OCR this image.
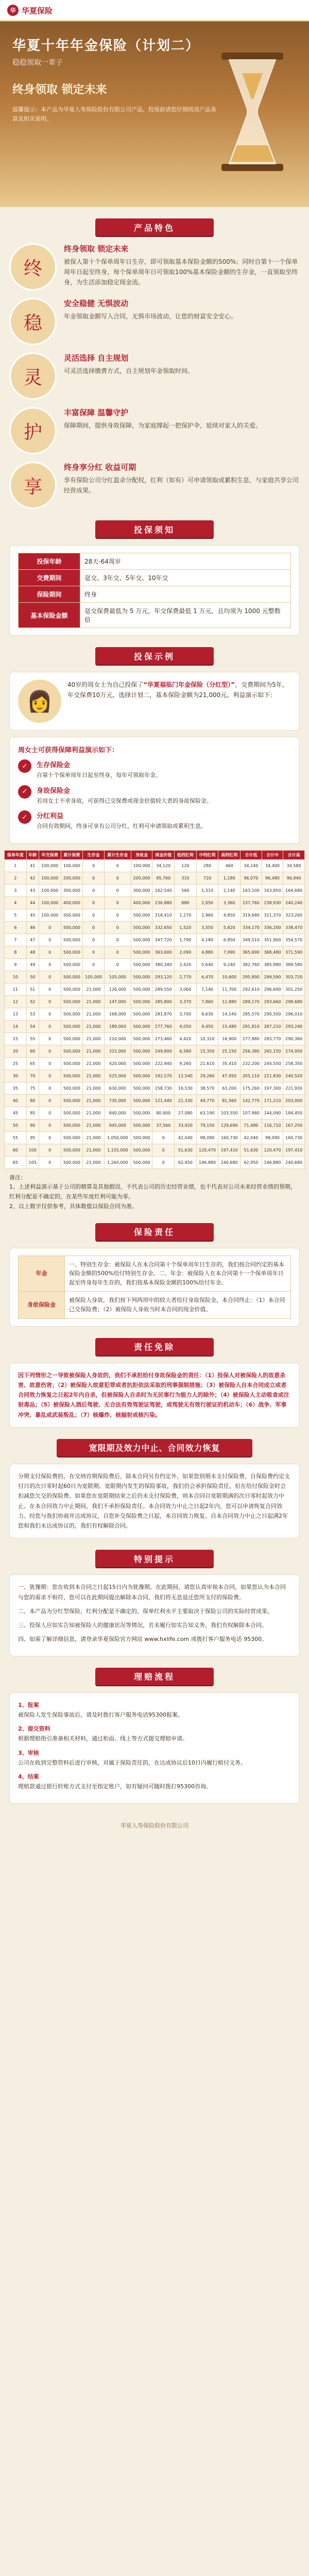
华 华夏保险
华夏十年年金保险（计划二）
稳稳领取一辈子
终身领取 锁定未来
温馨提示：本产品为华夏人寿保险股份有限公司产品，投保前请您仔细阅读产品条款及相关说明。
产品特色
终
终身领取 锁定未来

被保人第十个保单周年日生存，即可领取基本保险金额的500%；同时自第十一个保单周年日起至终身，每个保单周年日可领取100%基本保险金额的生存金，一直领取至终身，为生活添加稳定现金流。

稳
安全稳健 无惧波动

年金领取金额写入合同，无惧市场波动，让您的财富安全安心。

灵
灵活选择 自主规划

可灵活选择缴费方式，自主规划年金领取时间。

护
丰富保障 温馨守护

保障期间，提供身故保障，为家庭撑起一把保护伞，延续对家人的关爱。

享
终身享分红 收益可期

享有保险公司分红盈余分配权，红利（如有）可申请领取或累积生息，与家庭共享公司经营成果。

投保须知
投保年龄	28天-64周岁
交费期间	趸交、3年交、5年交、10年交
保险期间	终身
基本保险金额	趸交保费最低为 5 万元，年交保费最低 1 万元，且均须为 1000 元整数倍
投保示例
👩

40岁的周女士为自己投保了“华夏福临门年金保险（分红型）”，交费期间为5年，年交保费10万元，选择计划二，基本保险金额为21,000元。利益演示如下：

周女士可获得保障利益演示如下：
✓	生存保险金

自第十个保单周年日起至终身，每年可领取年金。

✓	身故保险金

若周女士不幸身故，可获得已交保费或现金价值较大者的身故保险金。

✓	分红利益

合同有效期间，终身可享有公司分红，红利可申请领取或累积生息。

保单年度	年龄	年交保费	累计保费	生存金	累计生存金	身故金	现金价值	低档红利	中档红利	高档红利	合计低	合计中	合计高
1	41	100,000	100,000	0	0	100,000	34,120	120	280	460	34,240	34,400	34,580
2	42	100,000	200,000	0	0	200,000	95,760	310	720	1,180	96,070	96,480	96,940
3	43	100,000	300,000	0	0	300,000	162,540	560	1,310	2,140	163,100	163,850	164,680
4	44	100,000	400,000	0	0	400,000	236,880	880	2,050	3,360	237,760	238,930	240,240
5	45	100,000	500,000	0	0	500,000	318,410	1,270	2,960	4,850	319,680	321,370	323,260
6	46	0	500,000	0	0	500,000	332,650	1,520	3,550	5,820	334,170	336,200	338,470
7	47	0	500,000	0	0	500,000	347,720	1,790	4,180	6,850	349,510	351,900	354,570
8	48	0	500,000	0	0	500,000	363,600	2,090	4,880	7,990	365,690	368,480	371,590
9	49	0	500,000	0	0	500,000	380,340	2,420	5,640	9,240	382,760	385,980	389,580
10	50	0	500,000	105,000	105,000	500,000	293,120	2,770	6,470	10,600	295,890	299,590	303,720
11	51	0	500,000	21,000	126,000	500,000	289,550	3,060	7,140	11,700	292,610	296,690	301,250
12	52	0	500,000	21,000	147,000	500,000	285,800	3,370	7,860	12,880	289,170	293,660	298,680
13	53	0	500,000	21,000	168,000	500,000	281,870	3,700	8,630	14,140	285,570	290,500	296,010
14	54	0	500,000	21,000	189,000	500,000	277,760	4,050	9,450	15,480	281,810	287,210	293,240
15	55	0	500,000	21,000	210,000	500,000	273,460	4,420	10,310	16,900	277,880	283,770	290,360
20	60	0	500,000	21,000	315,000	500,000	249,800	6,580	15,350	25,150	256,380	265,150	274,950
25	65	0	500,000	21,000	420,000	500,000	222,940	9,260	21,610	35,410	232,200	244,550	258,350
30	70	0	500,000	21,000	525,000	500,000	192,570	12,540	29,260	47,950	205,110	221,830	240,520
35	75	0	500,000	21,000	630,000	500,000	158,730	16,530	38,570	63,200	175,260	197,300	221,930
40	80	0	500,000	21,000	735,000	500,000	121,440	21,330	49,770	81,560	142,770	171,210	203,000
45	85	0	500,000	21,000	840,000	500,000	80,900	27,080	63,190	103,550	107,980	144,090	184,450
50	90	0	500,000	21,000	945,000	500,000	37,560	33,920	79,150	129,690	71,480	116,710	167,250
55	95	0	500,000	21,000	1,050,000	500,000	0	42,040	98,090	160,730	42,040	98,090	160,730
60	100	0	500,000	21,000	1,155,000	500,000	0	51,630	120,470	197,410	51,630	120,470	197,410
65	105	0	500,000	21,000	1,260,000	500,000	0	62,950	146,880	240,680	62,950	146,880	240,680

备注：

1、上述利益演示基于公司的精算及其他假设，不代表公司的历史经营业绩，也不代表对公司未来经营业绩的预期，红利分配是不确定的，在某些年度红利可能为零。

2、以上数字仅供参考，具体数值以保险合同为准。

保险责任
年金	一、特别生存金：被保险人在本合同第十个保单周年日生存的，我们按合同约定的基本保险金额的500%给付特别生存金。二、年金：被保险人在本合同第十一个保单周年日起至终身每年生存的，我们按基本保险金额的100%给付年金。
身故保险金	被保险人身故，我们按下列两项中的较大者给付身故保险金，本合同终止：（1）本合同已交保险费；（2）被保险人身故当时本合同的现金价值。
责任免除

因下列情形之一导致被保险人身故的，我们不承担给付身故保险金的责任：（1）投保人对被保险人的故意杀害、故意伤害；（2）被保险人故意犯罪或者抗拒依法采取的刑事强制措施；（3）被保险人自本合同成立或者合同效力恢复之日起2年内自杀，但被保险人自杀时为无民事行为能力人的除外；（4）被保险人主动吸食或注射毒品；（5）被保险人酒后驾驶、无合法有效驾驶证驾驶，或驾驶无有效行驶证的机动车；（6）战争、军事冲突、暴乱或武装叛乱；（7）核爆炸、核辐射或核污染。

宽限期及效力中止、合同效力恢复

分期支付保险费的，在交纳首期保险费后，除本合同另有约定外，如果您到期未支付保险费，自保险费约定支付日的次日零时起60日为宽限期。宽限期内发生的保险事故，我们仍会承担保险责任，但在给付保险金时会扣减您欠交的保险费。如果您在宽限期结束之后仍未支付保险费，则本合同自宽限期满的次日零时起效力中止。在本合同效力中止期间，我们不承担保险责任。本合同效力中止之日起2年内，您可以申请恢复合同效力。经您与我们协商并达成协议，自您补交保险费之日起，本合同效力恢复。自本合同效力中止之日起满2年您和我们未达成协议的，我们有权解除合同。

特别提示

一、犹豫期：您在收到本合同之日起15日内为犹豫期。在此期间，请您认真审视本合同，如果您认为本合同与您的需求不相符，您可以在此期间提出解除本合同，我们将无息退还您所支付的保险费。

二、本产品为分红型保险，红利分配是不确定的，保单红利水平主要取决于保险公司的实际经营成果。

三、投保人应如实告知被保险人的健康状况等情况，若未履行如实告知义务，我们有权解除本合同。

四、如需了解详细信息，请登录华夏保险官方网站 www.hxlife.com 或拨打客户服务电话 95300。

理赔流程
1、报案

被保险人发生保险事故后，请及时拨打客户服务电话95300报案。

2、提交资料

根据理赔指引准备相关材料，通过柜面、线上等方式提交理赔申请。

3、审核

公司在收到完整资料后进行审核，对属于保险责任的，在达成协议后10日内履行赔付义务。

4、结案

理赔款通过银行转账方式支付至指定账户，如有疑问可随时拨打95300咨询。

华夏人寿保险股份有限公司
